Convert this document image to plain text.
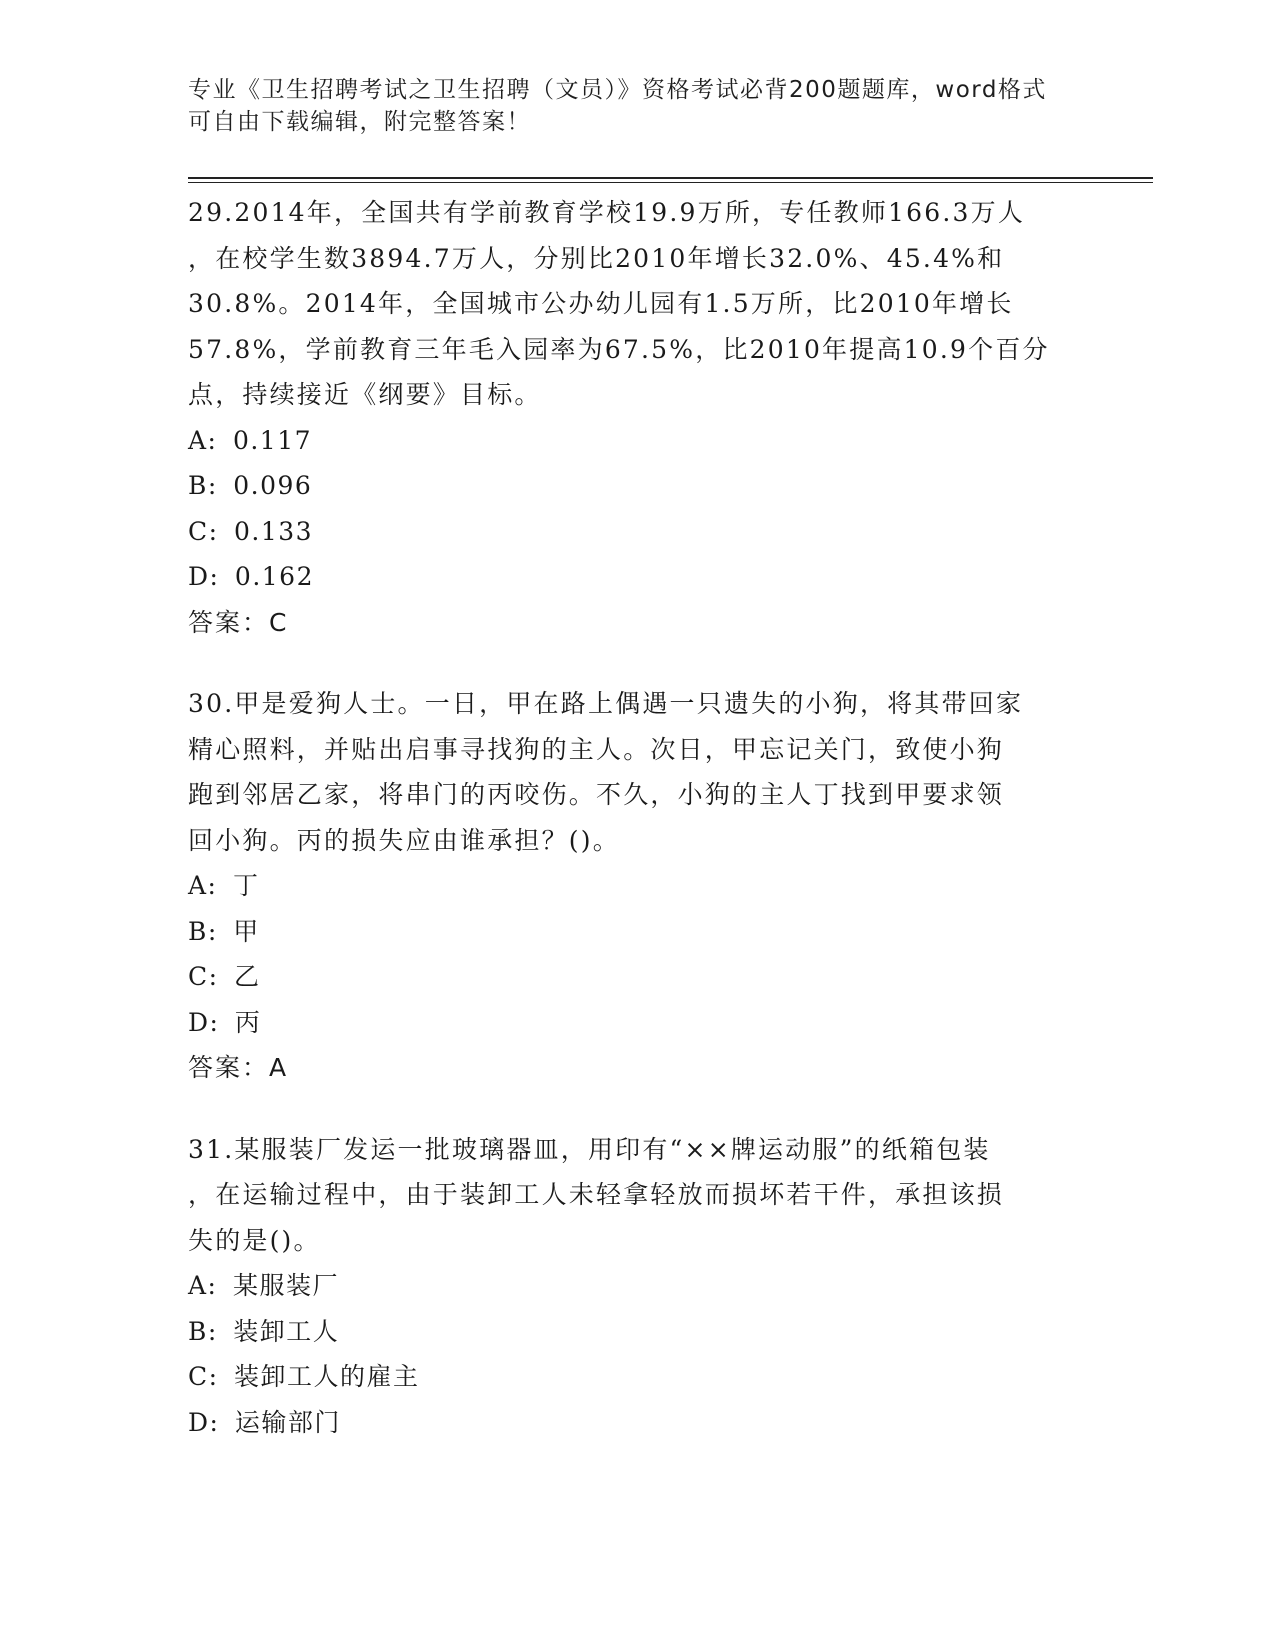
专业《卫生招聘考试之卫生招聘（文员）》资格考试必背200题题库，word格式
可自由下载编辑，附完整答案！

29.2014年，全国共有学前教育学校19.9万所，专任教师166.3万人
，在校学生数3894.7万人，分别比2010年增长32.0%、45.4%和
30.8%。2014年，全国城市公办幼儿园有1.5万所，比2010年增长
57.8%，学前教育三年毛入园率为67.5%，比2010年提高10.9个百分
点，持续接近《纲要》目标。

A: 0.117

B: 0.096

C: 0.133

D: 0.162

答案：C

30.甲是爱狗人士。一日，甲在路上偶遇一只遗失的小狗，将其带回家
精心照料，并贴出启事寻找狗的主人。次日，甲忘记关门，致使小狗
跑到邻居乙家，将串门的丙咬伤。不久，小狗的主人丁找到甲要求领
回小狗。丙的损失应由谁承担？()。

A: 丁

B: 甲

C: 乙

D: 丙

答案：A

31.某服装厂发运一批玻璃器皿，用印有“××牌运动服”的纸箱包装
，在运输过程中，由于装卸工人未轻拿轻放而损坏若干件，承担该损
失的是()。

A: 某服装厂

B: 装卸工人

C: 装卸工人的雇主

D: 运输部门
